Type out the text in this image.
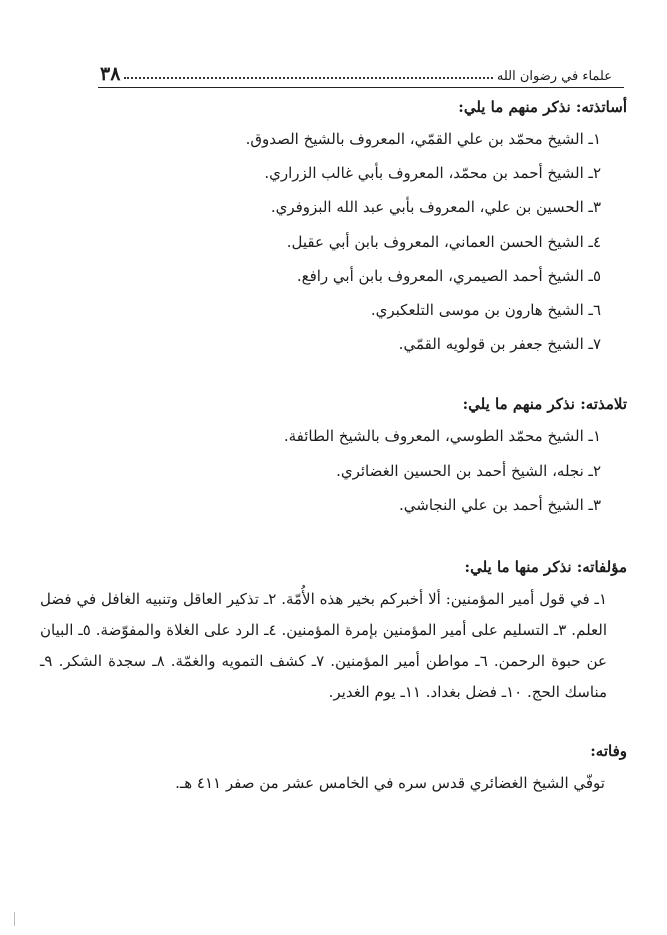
علماء في رضوان الله
٣٨
أساتذته: نذكر منهم ما يلي:
١ـ الشيخ محمّد بن علي القمّي، المعروف بالشيخ الصدوق.
٢ـ الشيخ أحمد بن محمّد، المعروف بأبي غالب الزراري.
٣ـ الحسين بن علي، المعروف بأبي عبد الله البزوفري.
٤ـ الشيخ الحسن العماني، المعروف بابن أبي عقيل.
٥ـ الشيخ أحمد الصيمري، المعروف بابن أبي رافع.
٦ـ الشيخ هارون بن موسى التلعكبري.
٧ـ الشيخ جعفر بن قولويه القمّي.
تلامذته: نذكر منهم ما يلي:
١ـ الشيخ محمّد الطوسي، المعروف بالشيخ الطائفة.
٢ـ نجله، الشيخ أحمد بن الحسين الغضائري.
٣ـ الشيخ أحمد بن علي النجاشي.
مؤلفاته: نذكر منها ما يلي:
١ـ في قول أمير المؤمنين: ألا أخبركم بخير هذه الأُمّة. ٢ـ تذكير العاقل وتنبيه الغافل في فضل العلم. ٣ـ التسليم على أمير المؤمنين بإمرة المؤمنين. ٤ـ الرد على الغلاة والمفوّضة. ٥ـ البيان عن حبوة الرحمن. ٦ـ مواطن أمير المؤمنين. ٧ـ كشف التمويه والغمّة. ٨ـ سجدة الشكر. ٩ـ مناسك الحج. ١٠ـ فضل بغداد. ١١ـ يوم الغدير.
وفاته:
توفّي الشيخ الغضائري قدس سره في الخامس عشر من صفر ٤١١ هـ.
